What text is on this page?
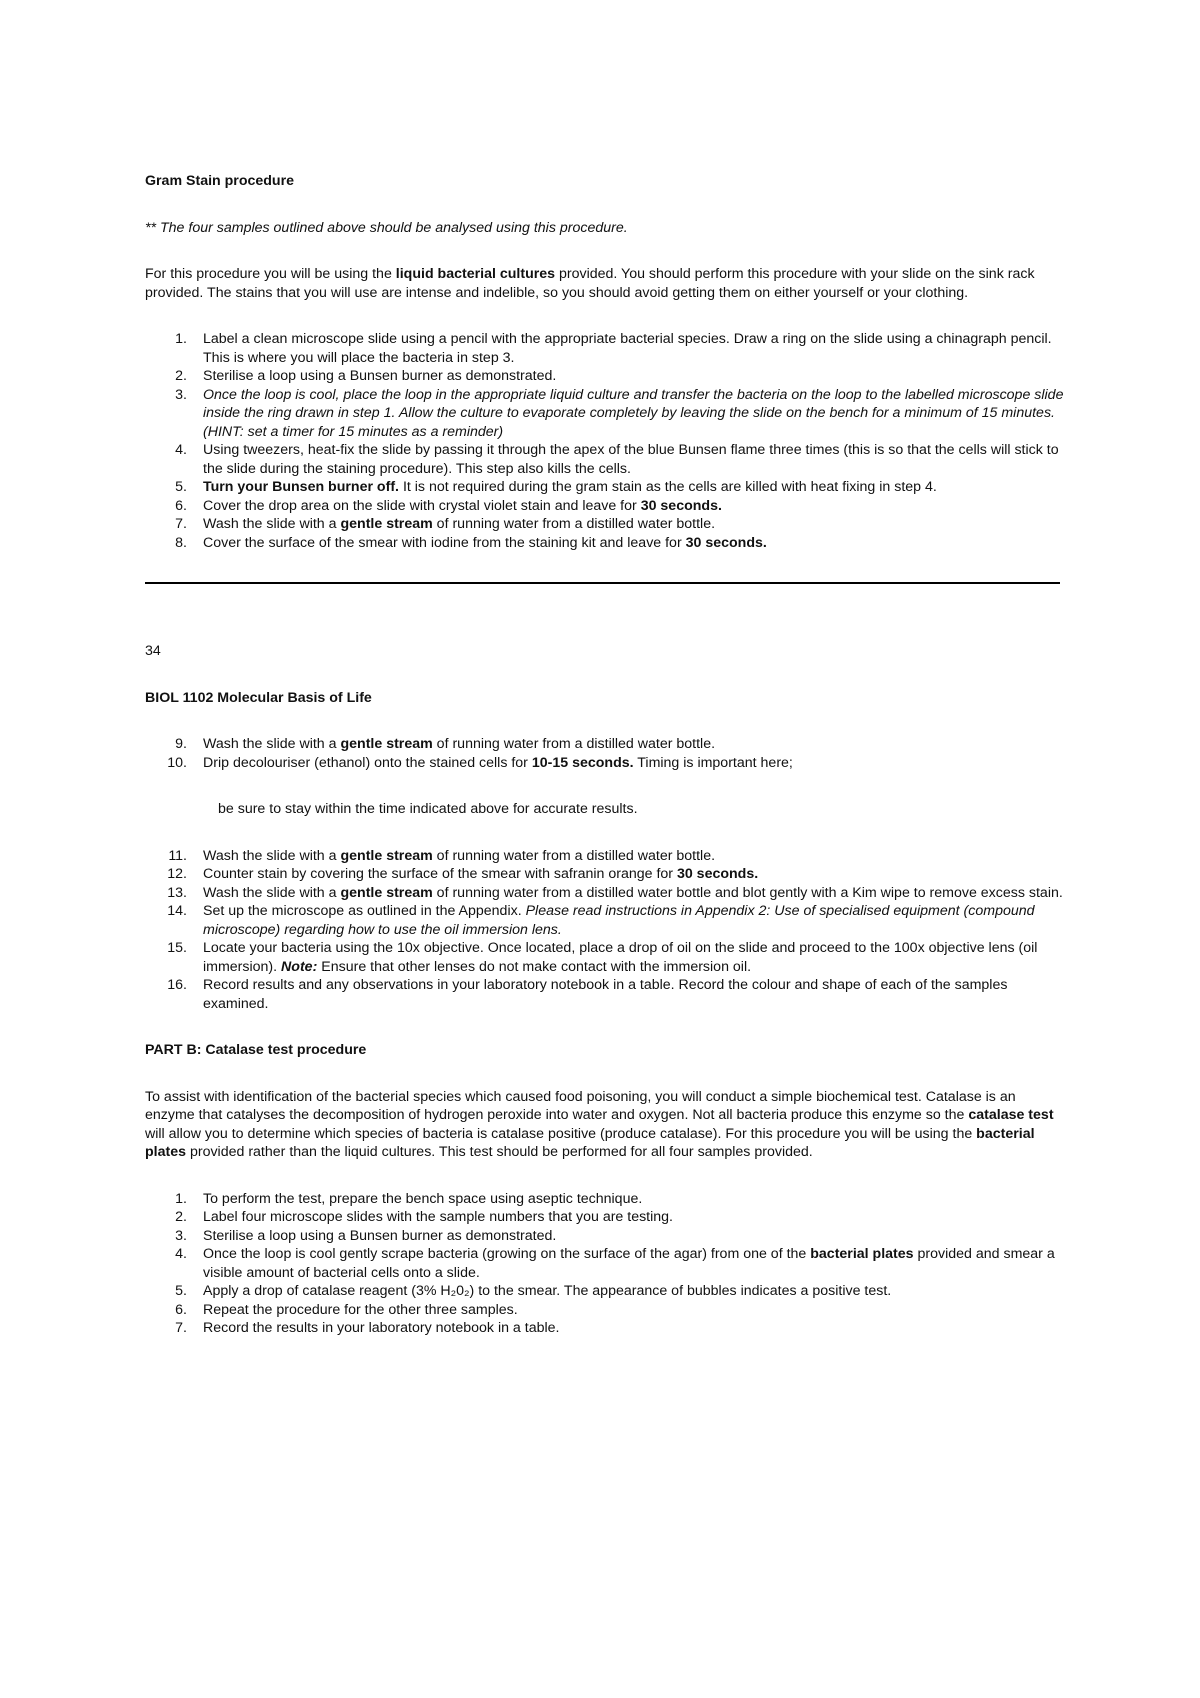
Gram Stain procedure

** The four samples outlined above should be analysed using this procedure.

For this procedure you will be using the liquid bacterial cultures provided. You should perform this procedure with your slide on the sink rack provided. The stains that you will use are intense and indelible, so you should avoid getting them on either yourself or your clothing.

1.	Label a clean microscope slide using a pencil with the appropriate bacterial species. Draw a ring on the slide using a chinagraph pencil. This is where you will place the bacteria in step 3.
2.	Sterilise a loop using a Bunsen burner as demonstrated.
3.	Once the loop is cool, place the loop in the appropriate liquid culture and transfer the bacteria on the loop to the labelled microscope slide inside the ring drawn in step 1. Allow the culture to evaporate completely by leaving the slide on the bench for a minimum of 15 minutes. (HINT: set a timer for 15 minutes as a reminder)
4.	Using tweezers, heat-fix the slide by passing it through the apex of the blue Bunsen flame three times (this is so that the cells will stick to the slide during the staining procedure). This step also kills the cells.
5.	Turn your Bunsen burner off. It is not required during the gram stain as the cells are killed with heat fixing in step 4.
6.	Cover the drop area on the slide with crystal violet stain and leave for 30 seconds.
7.	Wash the slide with a gentle stream of running water from a distilled water bottle.
8.	Cover the surface of the smear with iodine from the staining kit and leave for 30 seconds.

34

BIOL 1102 Molecular Basis of Life

9.	Wash the slide with a gentle stream of running water from a distilled water bottle.
10.	Drip decolouriser (ethanol) onto the stained cells for 10-15 seconds. Timing is important here;

be sure to stay within the time indicated above for accurate results.

11.	Wash the slide with a gentle stream of running water from a distilled water bottle.
12.	Counter stain by covering the surface of the smear with safranin orange for 30 seconds.
13.	Wash the slide with a gentle stream of running water from a distilled water bottle and blot gently with a Kim wipe to remove excess stain.
14.	Set up the microscope as outlined in the Appendix. Please read instructions in Appendix 2: Use of specialised equipment (compound microscope) regarding how to use the oil immersion lens.
15.	Locate your bacteria using the 10x objective. Once located, place a drop of oil on the slide and proceed to the 100x objective lens (oil immersion). Note: Ensure that other lenses do not make contact with the immersion oil.
16.	Record results and any observations in your laboratory notebook in a table. Record the colour and shape of each of the samples examined.

PART B: Catalase test procedure

To assist with identification of the bacterial species which caused food poisoning, you will conduct a simple biochemical test. Catalase is an enzyme that catalyses the decomposition of hydrogen peroxide into water and oxygen. Not all bacteria produce this enzyme so the catalase test will allow you to determine which species of bacteria is catalase positive (produce catalase). For this procedure you will be using the bacterial plates provided rather than the liquid cultures. This test should be performed for all four samples provided.

1.	To perform the test, prepare the bench space using aseptic technique.
2.	Label four microscope slides with the sample numbers that you are testing.
3.	Sterilise a loop using a Bunsen burner as demonstrated.
4.	Once the loop is cool gently scrape bacteria (growing on the surface of the agar) from one of the bacterial plates provided and smear a visible amount of bacterial cells onto a slide.
5.	Apply a drop of catalase reagent (3% H₂0₂) to the smear. The appearance of bubbles indicates a positive test.
6.	Repeat the procedure for the other three samples.
7.	Record the results in your laboratory notebook in a table.
